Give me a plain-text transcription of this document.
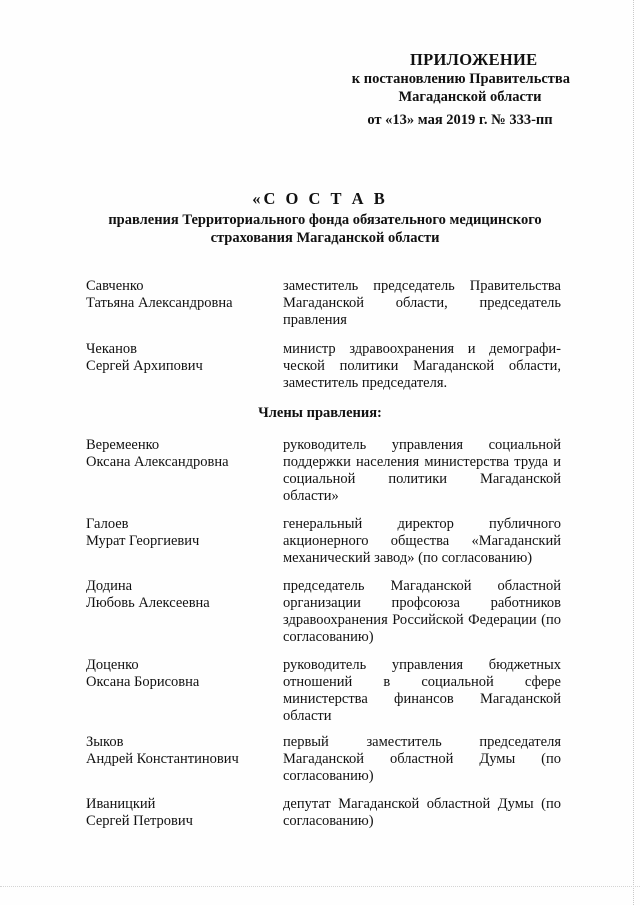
ПРИЛОЖЕНИЕ
к постановлению Правительства
Магаданской области
от «13» мая 2019 г. № 333-пп
«С О С Т А В
правления Территориального фонда обязательного медицинского страхования Магаданской области
Савченко
Татьяна Александровна
заместитель председатель Правительства Магаданской области, председатель правления
Чеканов
Сергей Архипович
министр здравоохранения и демографи-ческой политики Магаданской области, заместитель председателя.
Члены правления:
Веремеенко
Оксана Александровна
руководитель управления социальной поддержки населения министерства труда и социальной политики Магаданской области»
Галоев
Мурат Георгиевич
генеральный директор публичного акционерного общества «Магаданский механический завод» (по согласованию)
Додина
Любовь Алексеевна
председатель Магаданской областной организации профсоюза работников здравоохранения Российской Федерации (по согласованию)
Доценко
Оксана Борисовна
руководитель управления бюджетных отношений в социальной сфере министерства финансов Магаданской области
Зыков
Андрей Константинович
первый заместитель председателя Магаданской областной Думы (по согласованию)
Иваницкий
Сергей Петрович
депутат Магаданской областной Думы (по согласованию)
